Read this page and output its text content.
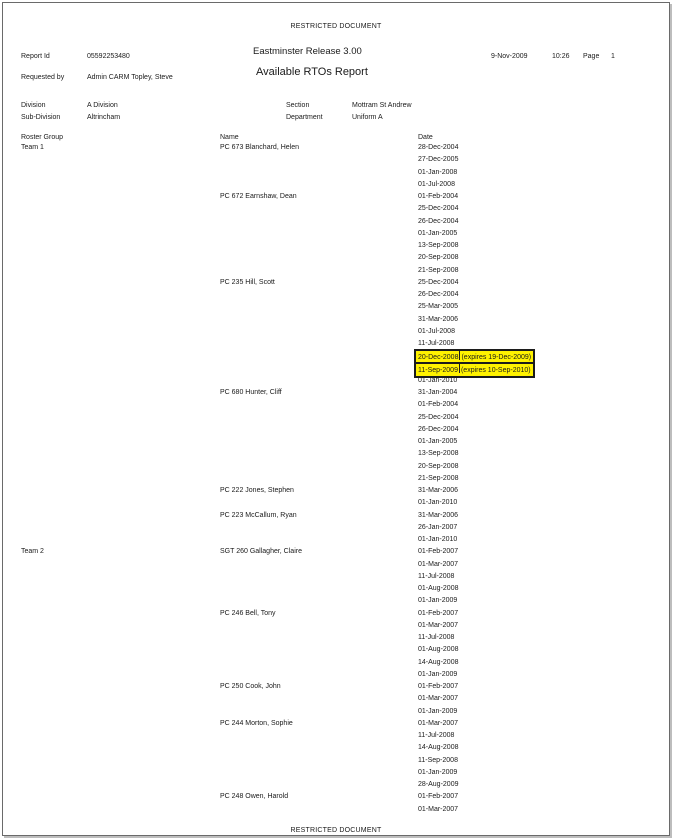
RESTRICTED DOCUMENT
Report Id	05592253480
Requested by	Admin CARM Topley, Steve
Eastminster Release 3.00
Available RTOs Report
9-Nov-2009	10:26 Page 1
Division	A Division
Sub-Division	Altrincham
Section	Mottram St Andrew
Department	Uniform A
Roster Group	Name	Date
Team 1	PC 673 Blanchard, Helen	28-Dec-2004
27-Dec-2005
01-Jan-2008
01-Jul-2008
PC 672 Earnshaw, Dean	01-Feb-2004
25-Dec-2004
26-Dec-2004
01-Jan-2005
13-Sep-2008
20-Sep-2008
21-Sep-2008
PC 235 Hill, Scott	25-Dec-2004
26-Dec-2004
25-Mar-2005
31-Mar-2006
01-Jul-2008
11-Jul-2008
20-Dec-2008 (expires 19-Dec-2009)
11-Sep-2009 (expires 10-Sep-2010)
01-Jan-2010
PC 680 Hunter, Cliff	31-Jan-2004
01-Feb-2004
25-Dec-2004
26-Dec-2004
01-Jan-2005
13-Sep-2008
20-Sep-2008
21-Sep-2008
PC 222 Jones, Stephen	31-Mar-2006
01-Jan-2010
PC 223 McCallum, Ryan	31-Mar-2006
26-Jan-2007
01-Jan-2010
Team 2	SGT 260 Gallagher, Claire	01-Feb-2007
01-Mar-2007
11-Jul-2008
01-Aug-2008
01-Jan-2009
PC 246 Bell, Tony	01-Feb-2007
01-Mar-2007
11-Jul-2008
01-Aug-2008
14-Aug-2008
01-Jan-2009
PC 250 Cook, John	01-Feb-2007
01-Mar-2007
01-Jan-2009
PC 244 Morton, Sophie	01-Mar-2007
11-Jul-2008
14-Aug-2008
11-Sep-2008
01-Jan-2009
28-Aug-2009
PC 248 Owen, Harold	01-Feb-2007
01-Mar-2007
RESTRICTED DOCUMENT
